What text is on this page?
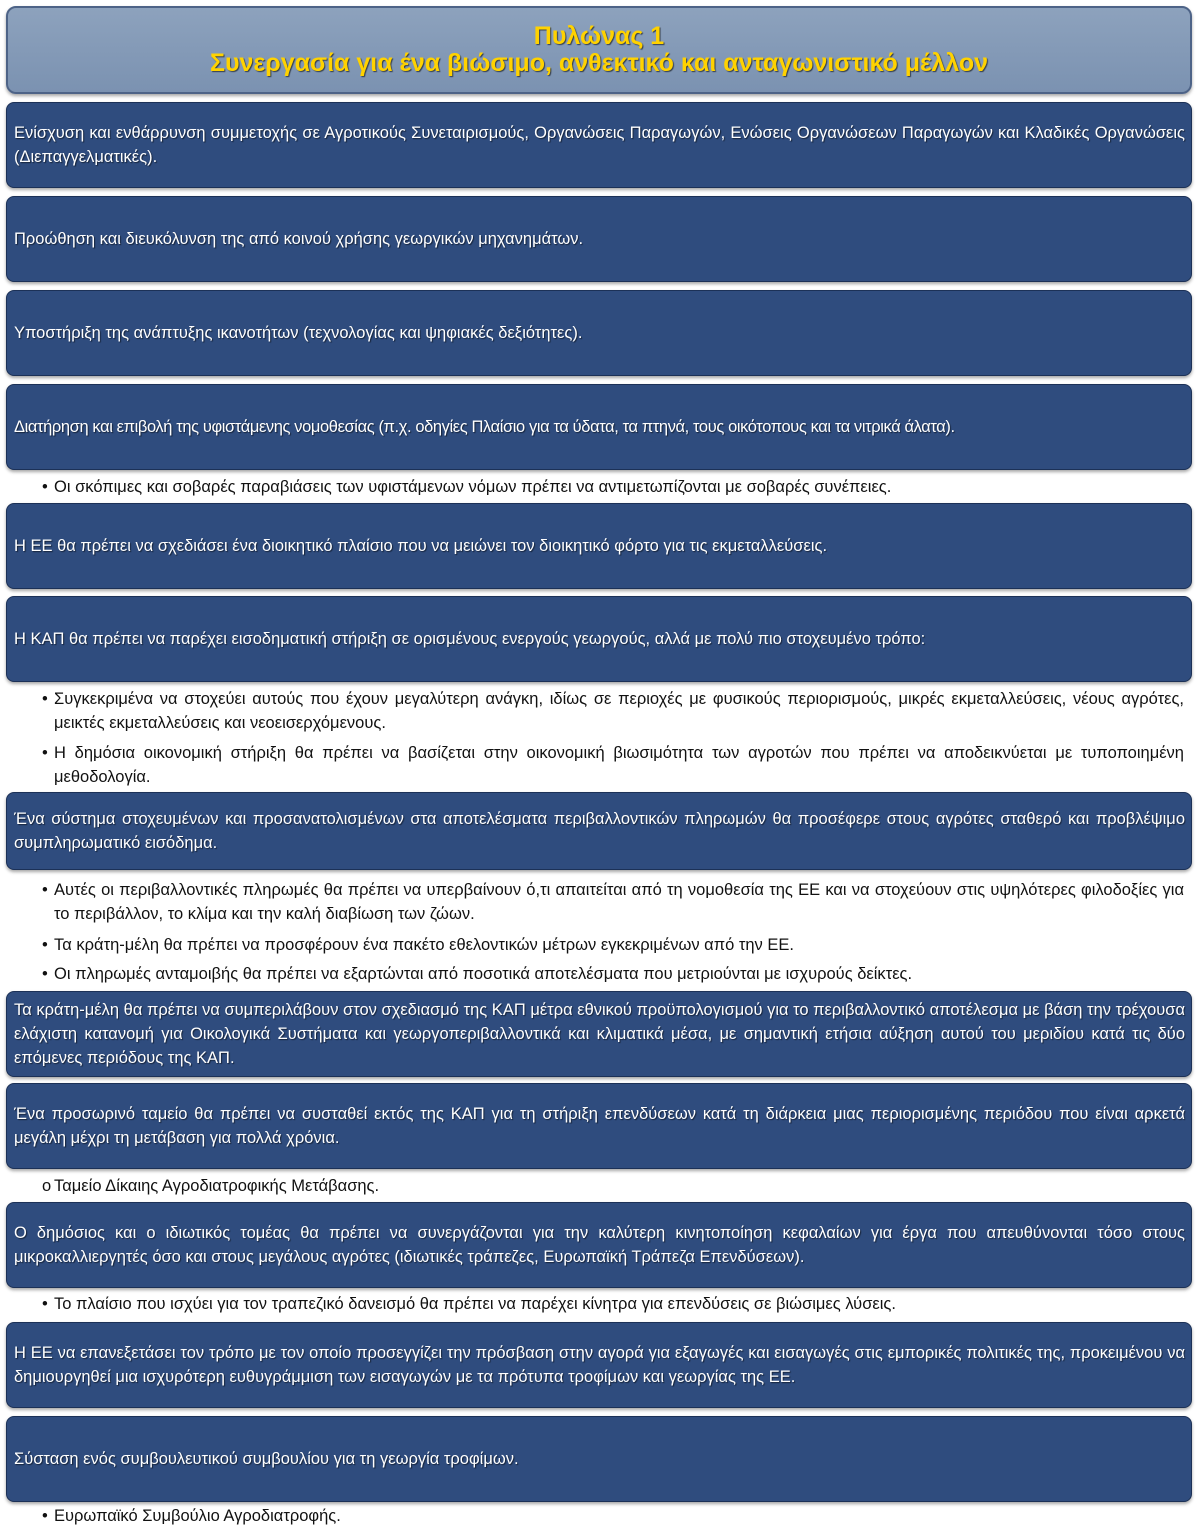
Πυλώνας 1
Συνεργασία για ένα βιώσιμο, ανθεκτικό και ανταγωνιστικό μέλλον
Ενίσχυση και ενθάρρυνση συμμετοχής σε Αγροτικούς Συνεταιρισμούς, Οργανώσεις Παραγωγών, Ενώσεις Οργανώσεων Παραγωγών και Κλαδικές Οργανώσεις (Διεπαγγελματικές).
Προώθηση και διευκόλυνση της από κοινού χρήσης γεωργικών μηχανημάτων.
Υποστήριξη της ανάπτυξης ικανοτήτων (τεχνολογίας και ψηφιακές δεξιότητες).
Διατήρηση και επιβολή της υφιστάμενης νομοθεσίας (π.χ. οδηγίες Πλαίσιο για τα ύδατα, τα πτηνά, τους οικότοπους και τα νιτρικά άλατα).
• Οι σκόπιμες και σοβαρές παραβιάσεις των υφιστάμενων νόμων πρέπει να αντιμετωπίζονται με σοβαρές συνέπειες.
Η ΕΕ θα πρέπει να σχεδιάσει ένα διοικητικό πλαίσιο που να μειώνει τον διοικητικό φόρτο για τις εκμεταλλεύσεις.
Η ΚΑΠ θα πρέπει να παρέχει εισοδηματική στήριξη σε ορισμένους ενεργούς γεωργούς, αλλά με πολύ πιο στοχευμένο τρόπο:
• Συγκεκριμένα να στοχεύει αυτούς που έχουν μεγαλύτερη ανάγκη, ιδίως σε περιοχές με φυσικούς περιορισμούς, μικρές εκμεταλλεύσεις, νέους αγρότες, μεικτές εκμεταλλεύσεις και νεοεισερχόμενους.
• Η δημόσια οικονομική στήριξη θα πρέπει να βασίζεται στην οικονομική βιωσιμότητα των αγροτών που πρέπει να αποδεικνύεται με τυποποιημένη μεθοδολογία.
Ένα σύστημα στοχευμένων και προσανατολισμένων στα αποτελέσματα περιβαλλοντικών πληρωμών θα προσέφερε στους αγρότες σταθερό και προβλέψιμο συμπληρωματικό εισόδημα.
• Αυτές οι περιβαλλοντικές πληρωμές θα πρέπει να υπερβαίνουν ό,τι απαιτείται από τη νομοθεσία της ΕΕ και να στοχεύουν στις υψηλότερες φιλοδοξίες για το περιβάλλον, το κλίμα και την καλή διαβίωση των ζώων.
• Τα κράτη-μέλη θα πρέπει να προσφέρουν ένα πακέτο εθελοντικών μέτρων εγκεκριμένων από την ΕΕ.
• Οι πληρωμές ανταμοιβής θα πρέπει να εξαρτώνται από ποσοτικά αποτελέσματα που μετριούνται με ισχυρούς δείκτες.
Τα κράτη-μέλη θα πρέπει να συμπεριλάβουν στον σχεδιασμό της ΚΑΠ μέτρα εθνικού προϋπολογισμού για το περιβαλλοντικό αποτέλεσμα με βάση την τρέχουσα ελάχιστη κατανομή για Οικολογικά Συστήματα και γεωργοπεριβαλλοντικά και κλιματικά μέσα, με σημαντική ετήσια αύξηση αυτού του μεριδίου κατά τις δύο επόμενες περιόδους της ΚΑΠ.
Ένα προσωρινό ταμείο θα πρέπει να συσταθεί εκτός της ΚΑΠ για τη στήριξη επενδύσεων κατά τη διάρκεια μιας περιορισμένης περιόδου που είναι αρκετά μεγάλη μέχρι τη μετάβαση για πολλά χρόνια.
o Ταμείο Δίκαιης Αγροδιατροφικής Μετάβασης.
Ο δημόσιος και ο ιδιωτικός τομέας θα πρέπει να συνεργάζονται για την καλύτερη κινητοποίηση κεφαλαίων για έργα που απευθύνονται τόσο στους μικροκαλλιεργητές όσο και στους μεγάλους αγρότες (ιδιωτικές τράπεζες, Ευρωπαϊκή Τράπεζα Επενδύσεων).
• Το πλαίσιο που ισχύει για τον τραπεζικό δανεισμό θα πρέπει να παρέχει κίνητρα για επενδύσεις σε βιώσιμες λύσεις.
Η ΕΕ να επανεξετάσει τον τρόπο με τον οποίο προσεγγίζει την πρόσβαση στην αγορά για εξαγωγές και εισαγωγές στις εμπορικές πολιτικές της, προκειμένου να δημιουργηθεί μια ισχυρότερη ευθυγράμμιση των εισαγωγών με τα πρότυπα τροφίμων και γεωργίας της ΕΕ.
Σύσταση ενός συμβουλευτικού συμβουλίου για τη γεωργία τροφίμων.
• Ευρωπαϊκό Συμβούλιο Αγροδιατροφής.
